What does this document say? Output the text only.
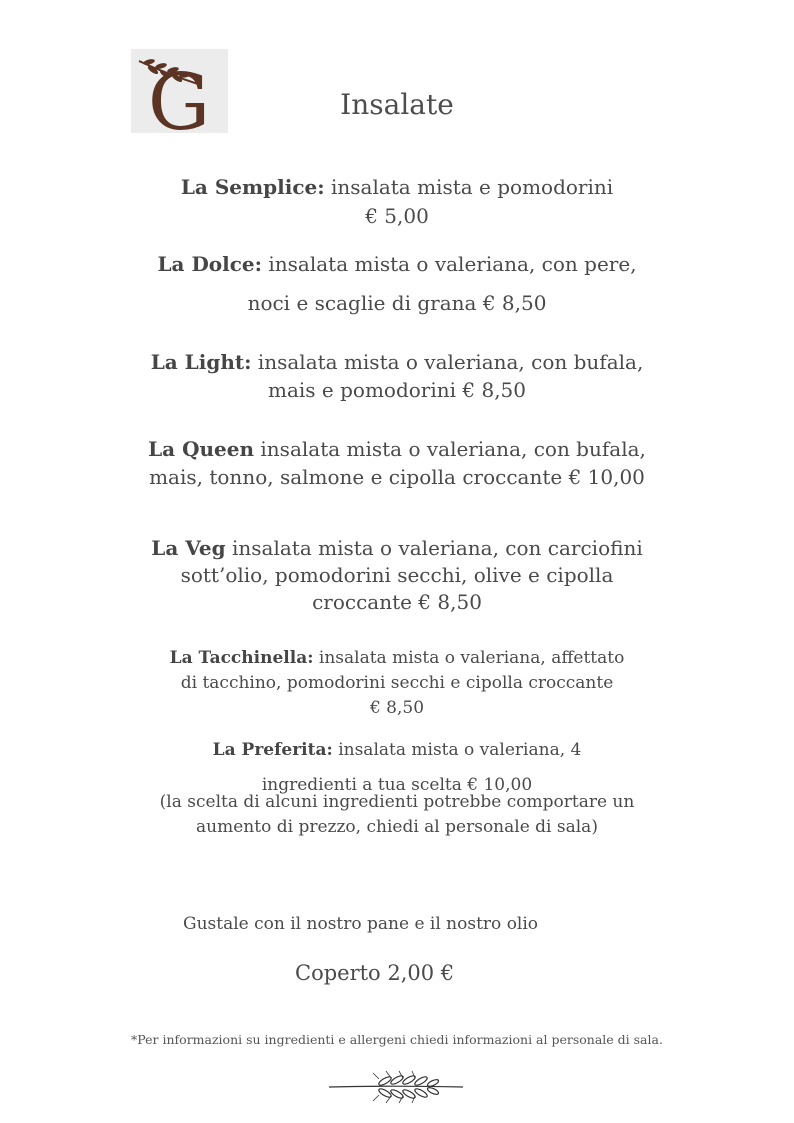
G	Insalate
La Semplice: insalata mista e pomodorini
€ 5,00
La Dolce: insalata mista o valeriana, con pere,
noci e scaglie di grana € 8,50
La Light: insalata mista o valeriana, con bufala,
mais e pomodorini € 8,50
La Queen insalata mista o valeriana, con bufala,
mais, tonno, salmone e cipolla croccante € 10,00
La Veg insalata mista o valeriana, con carciofini
sott’olio, pomodorini secchi, olive e cipolla
croccante € 8,50
La Tacchinella: insalata mista o valeriana, affettato
di tacchino, pomodorini secchi e cipolla croccante
€ 8,50
La Preferita: insalata mista o valeriana, 4
ingredienti a tua scelta € 10,00
(la scelta di alcuni ingredienti potrebbe comportare un
aumento di prezzo, chiedi al personale di sala)
Gustale con il nostro pane e il nostro olio
Coperto 2,00 €
*Per informazioni su ingredienti e allergeni chiedi informazioni al personale di sala.
